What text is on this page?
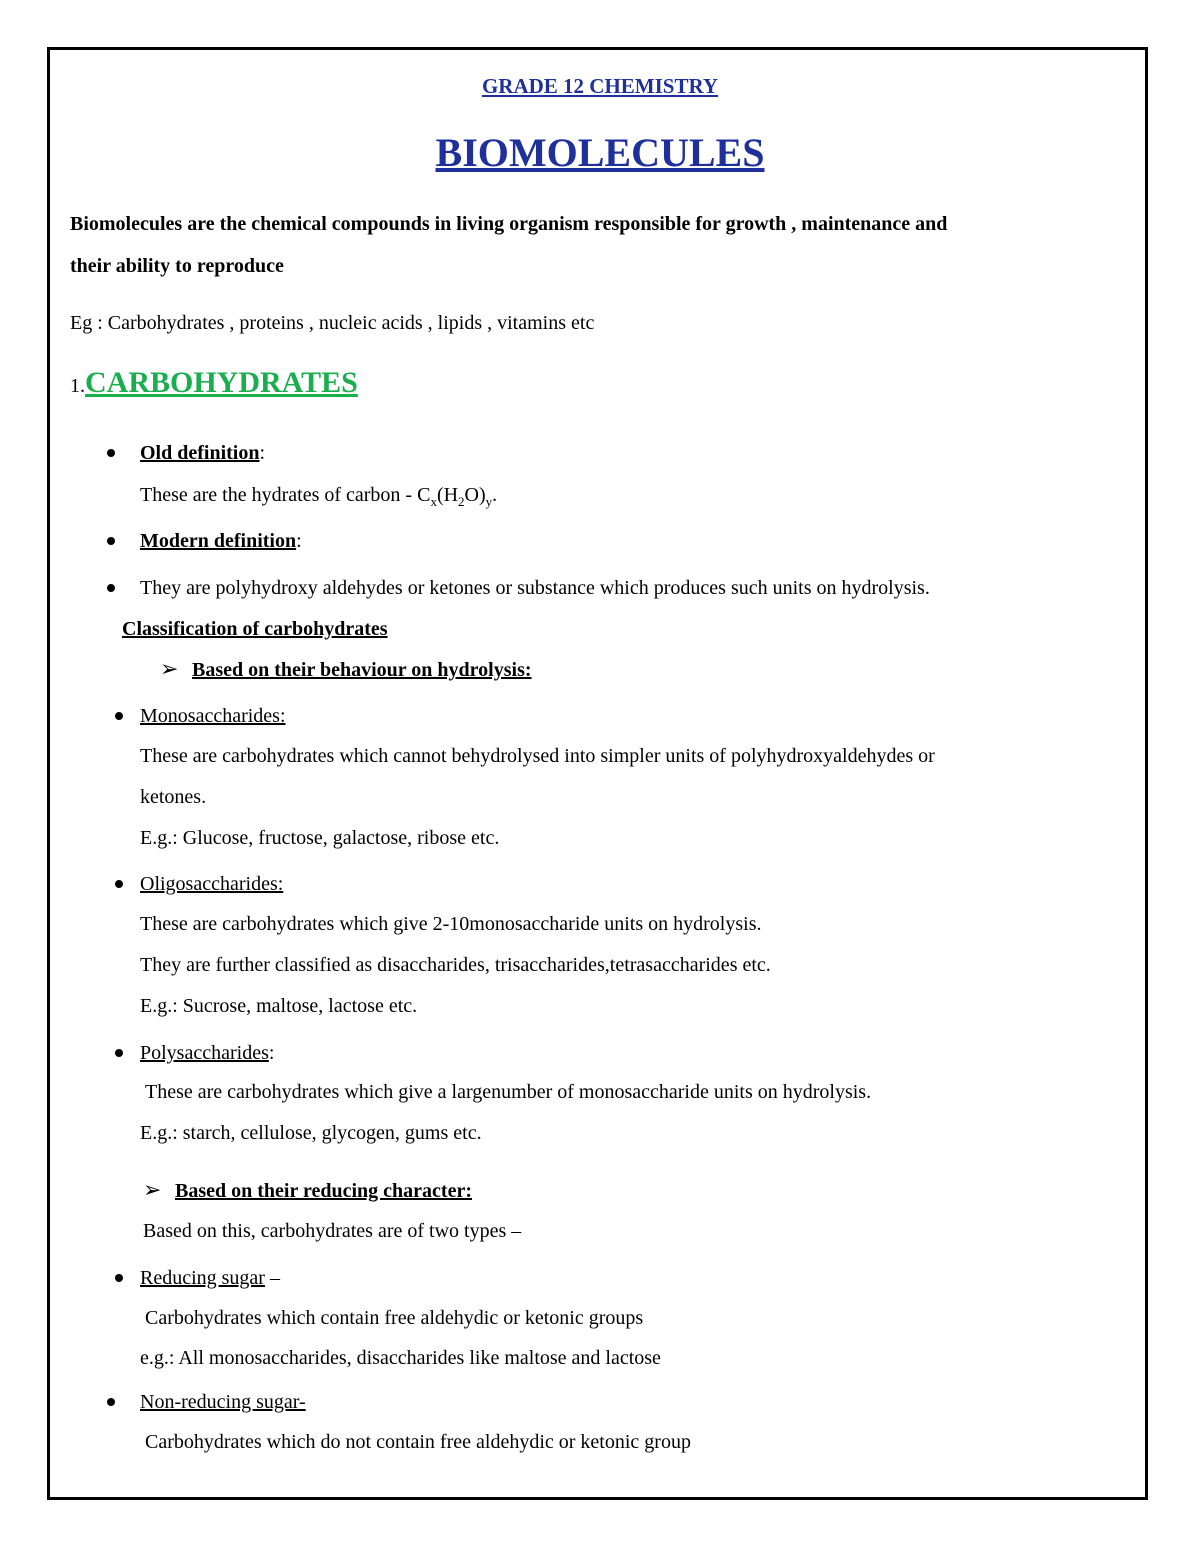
GRADE 12 CHEMISTRY
BIOMOLECULES
Biomolecules are the chemical compounds in living organism responsible for growth , maintenance and
their ability to reproduce
Eg : Carbohydrates , proteins , nucleic acids , lipids , vitamins etc
1.CARBOHYDRATES
Old definition:
These are the hydrates of carbon - $C_x(H_2O)_y$.
Modern definition:
They are polyhydroxy aldehydes or ketones or substance which produces such units on hydrolysis.
Classification of carbohydrates
➢ Based on their behaviour on hydrolysis:
Monosaccharides:
These are carbohydrates which cannot behydrolysed into simpler units of polyhydroxyaldehydes or
ketones.
E.g.: Glucose, fructose, galactose, ribose etc.
Oligosaccharides:
These are carbohydrates which give 2-10monosaccharide units on hydrolysis.
They are further classified as disaccharides, trisaccharides,tetrasaccharides etc.
E.g.: Sucrose, maltose, lactose etc.
Polysaccharides:
These are carbohydrates which give a largenumber of monosaccharide units on hydrolysis.
E.g.: starch, cellulose, glycogen, gums etc.
➢ Based on their reducing character:
Based on this, carbohydrates are of two types –
Reducing sugar –
Carbohydrates which contain free aldehydic or ketonic groups
e.g.: All monosaccharides, disaccharides like maltose and lactose
Non-reducing sugar-
Carbohydrates which do not contain free aldehydic or ketonic group
